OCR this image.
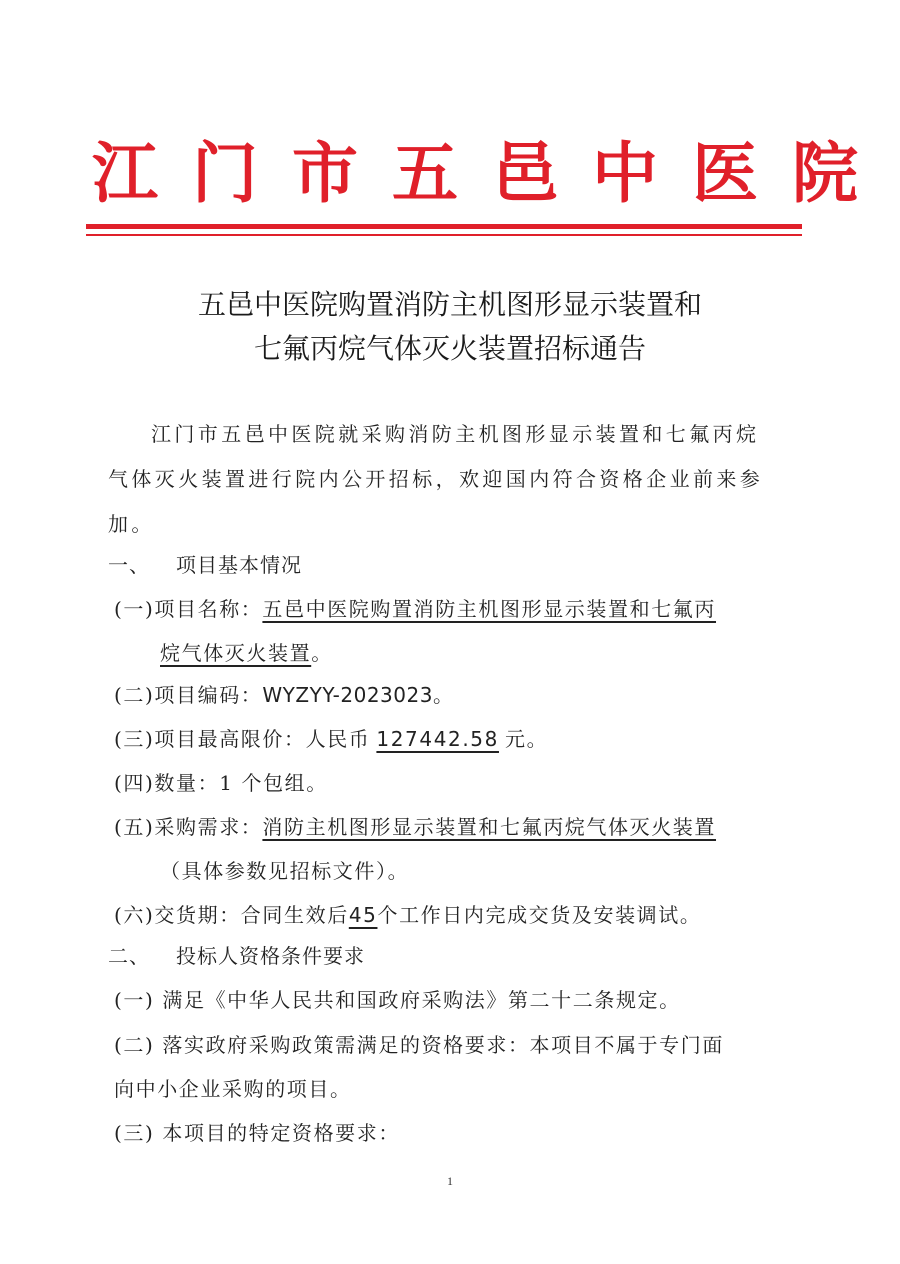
江门市五邑中医院
五邑中医院购置消防主机图形显示装置和
七氟丙烷气体灭火装置招标通告
江门市五邑中医院就采购消防主机图形显示装置和七氟丙烷
气体灭火装置进行院内公开招标，欢迎国内符合资格企业前来参
加。
一、 项目基本情况
(一)项目名称：五邑中医院购置消防主机图形显示装置和七氟丙
烷气体灭火装置。
(二)项目编码：WYZYY-2023023。
(三)项目最高限价：人民币 127442.58 元。
(四)数量：1 个包组。
(五)采购需求：消防主机图形显示装置和七氟丙烷气体灭火装置
（具体参数见招标文件）。
(六)交货期：合同生效后45个工作日内完成交货及安装调试。
二、 投标人资格条件要求
(一) 满足《中华人民共和国政府采购法》第二十二条规定。
(二) 落实政府采购政策需满足的资格要求：本项目不属于专门面
向中小企业采购的项目。
(三) 本项目的特定资格要求：
1
